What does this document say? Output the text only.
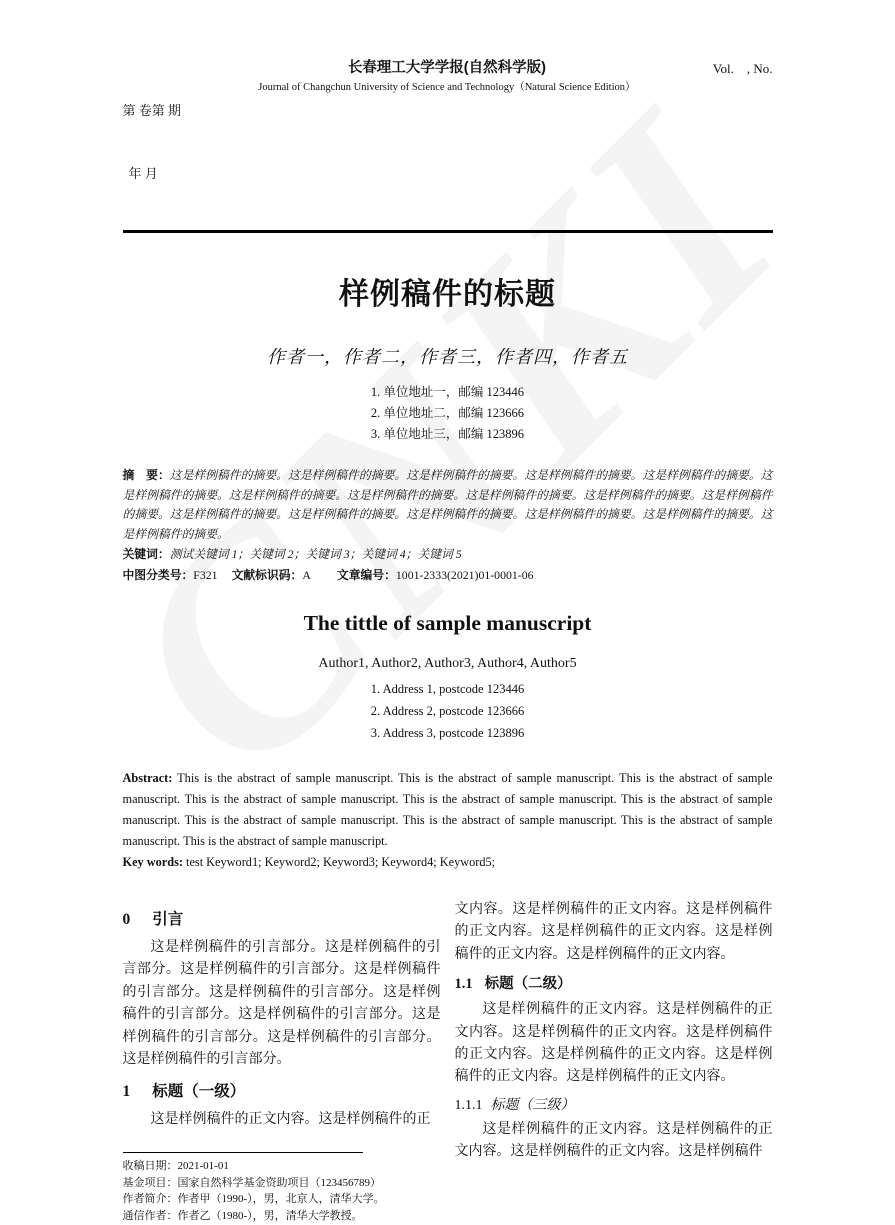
第 卷第 期

年 月

长春理工大学学报(自然科学版)
Journal of Changchun University of Science and Technology（Natural Science Edition）
Vol.    , No.
样例稿件的标题
作者一，作者二，作者三，作者四，作者五
1. 单位地址一，邮编 123446
2. 单位地址二，邮编 123666
3. 单位地址三，邮编 123896

摘　要：这是样例稿件的摘要。这是样例稿件的摘要。这是样例稿件的摘要。这是样例稿件的摘要。这是样例稿件的摘要。这是样例稿件的摘要。这是样例稿件的摘要。这是样例稿件的摘要。这是样例稿件的摘要。这是样例稿件的摘要。这是样例稿件的摘要。这是样例稿件的摘要。这是样例稿件的摘要。这是样例稿件的摘要。这是样例稿件的摘要。这是样例稿件的摘要。这是样例稿件的摘要。

关键词：测试关键词 1；关键词 2；关键词 3；关键词 4；关键词 5

中图分类号：F321 文献标识码：A 文章编号：1001-2333(2021)01-0001-06

The tittle of sample manuscript
Author1, Author2, Author3, Author4, Author5
1. Address 1, postcode 123446
2. Address 2, postcode 123666
3. Address 3, postcode 123896

Abstract: This is the abstract of sample manuscript. This is the abstract of sample manuscript. This is the abstract of sample manuscript. This is the abstract of sample manuscript. This is the abstract of sample manuscript. This is the abstract of sample manuscript. This is the abstract of sample manuscript. This is the abstract of sample manuscript. This is the abstract of sample manuscript. This is the abstract of sample manuscript.

Key words: test Keyword1; Keyword2; Keyword3; Keyword4; Keyword5;

0 引言

这是样例稿件的引言部分。这是样例稿件的引言部分。这是样例稿件的引言部分。这是样例稿件的引言部分。这是样例稿件的引言部分。这是样例稿件的引言部分。这是样例稿件的引言部分。这是样例稿件的引言部分。这是样例稿件的引言部分。这是样例稿件的引言部分。

1 标题（一级）

这是样例稿件的正文内容。这是样例稿件的正

收稿日期：2021-01-01
基金项目：国家自然科学基金资助项目（123456789）
作者简介：作者甲（1990-），男，北京人，清华大学。
通信作者：作者乙（1980-），男，清华大学教授。

文内容。这是样例稿件的正文内容。这是样例稿件的正文内容。这是样例稿件的正文内容。这是样例稿件的正文内容。这是样例稿件的正文内容。

1.1 标题（二级）

这是样例稿件的正文内容。这是样例稿件的正文内容。这是样例稿件的正文内容。这是样例稿件的正文内容。这是样例稿件的正文内容。这是样例稿件的正文内容。这是样例稿件的正文内容。

1.1.1 标题（三级）

这是样例稿件的正文内容。这是样例稿件的正文内容。这是样例稿件的正文内容。这是样例稿件
